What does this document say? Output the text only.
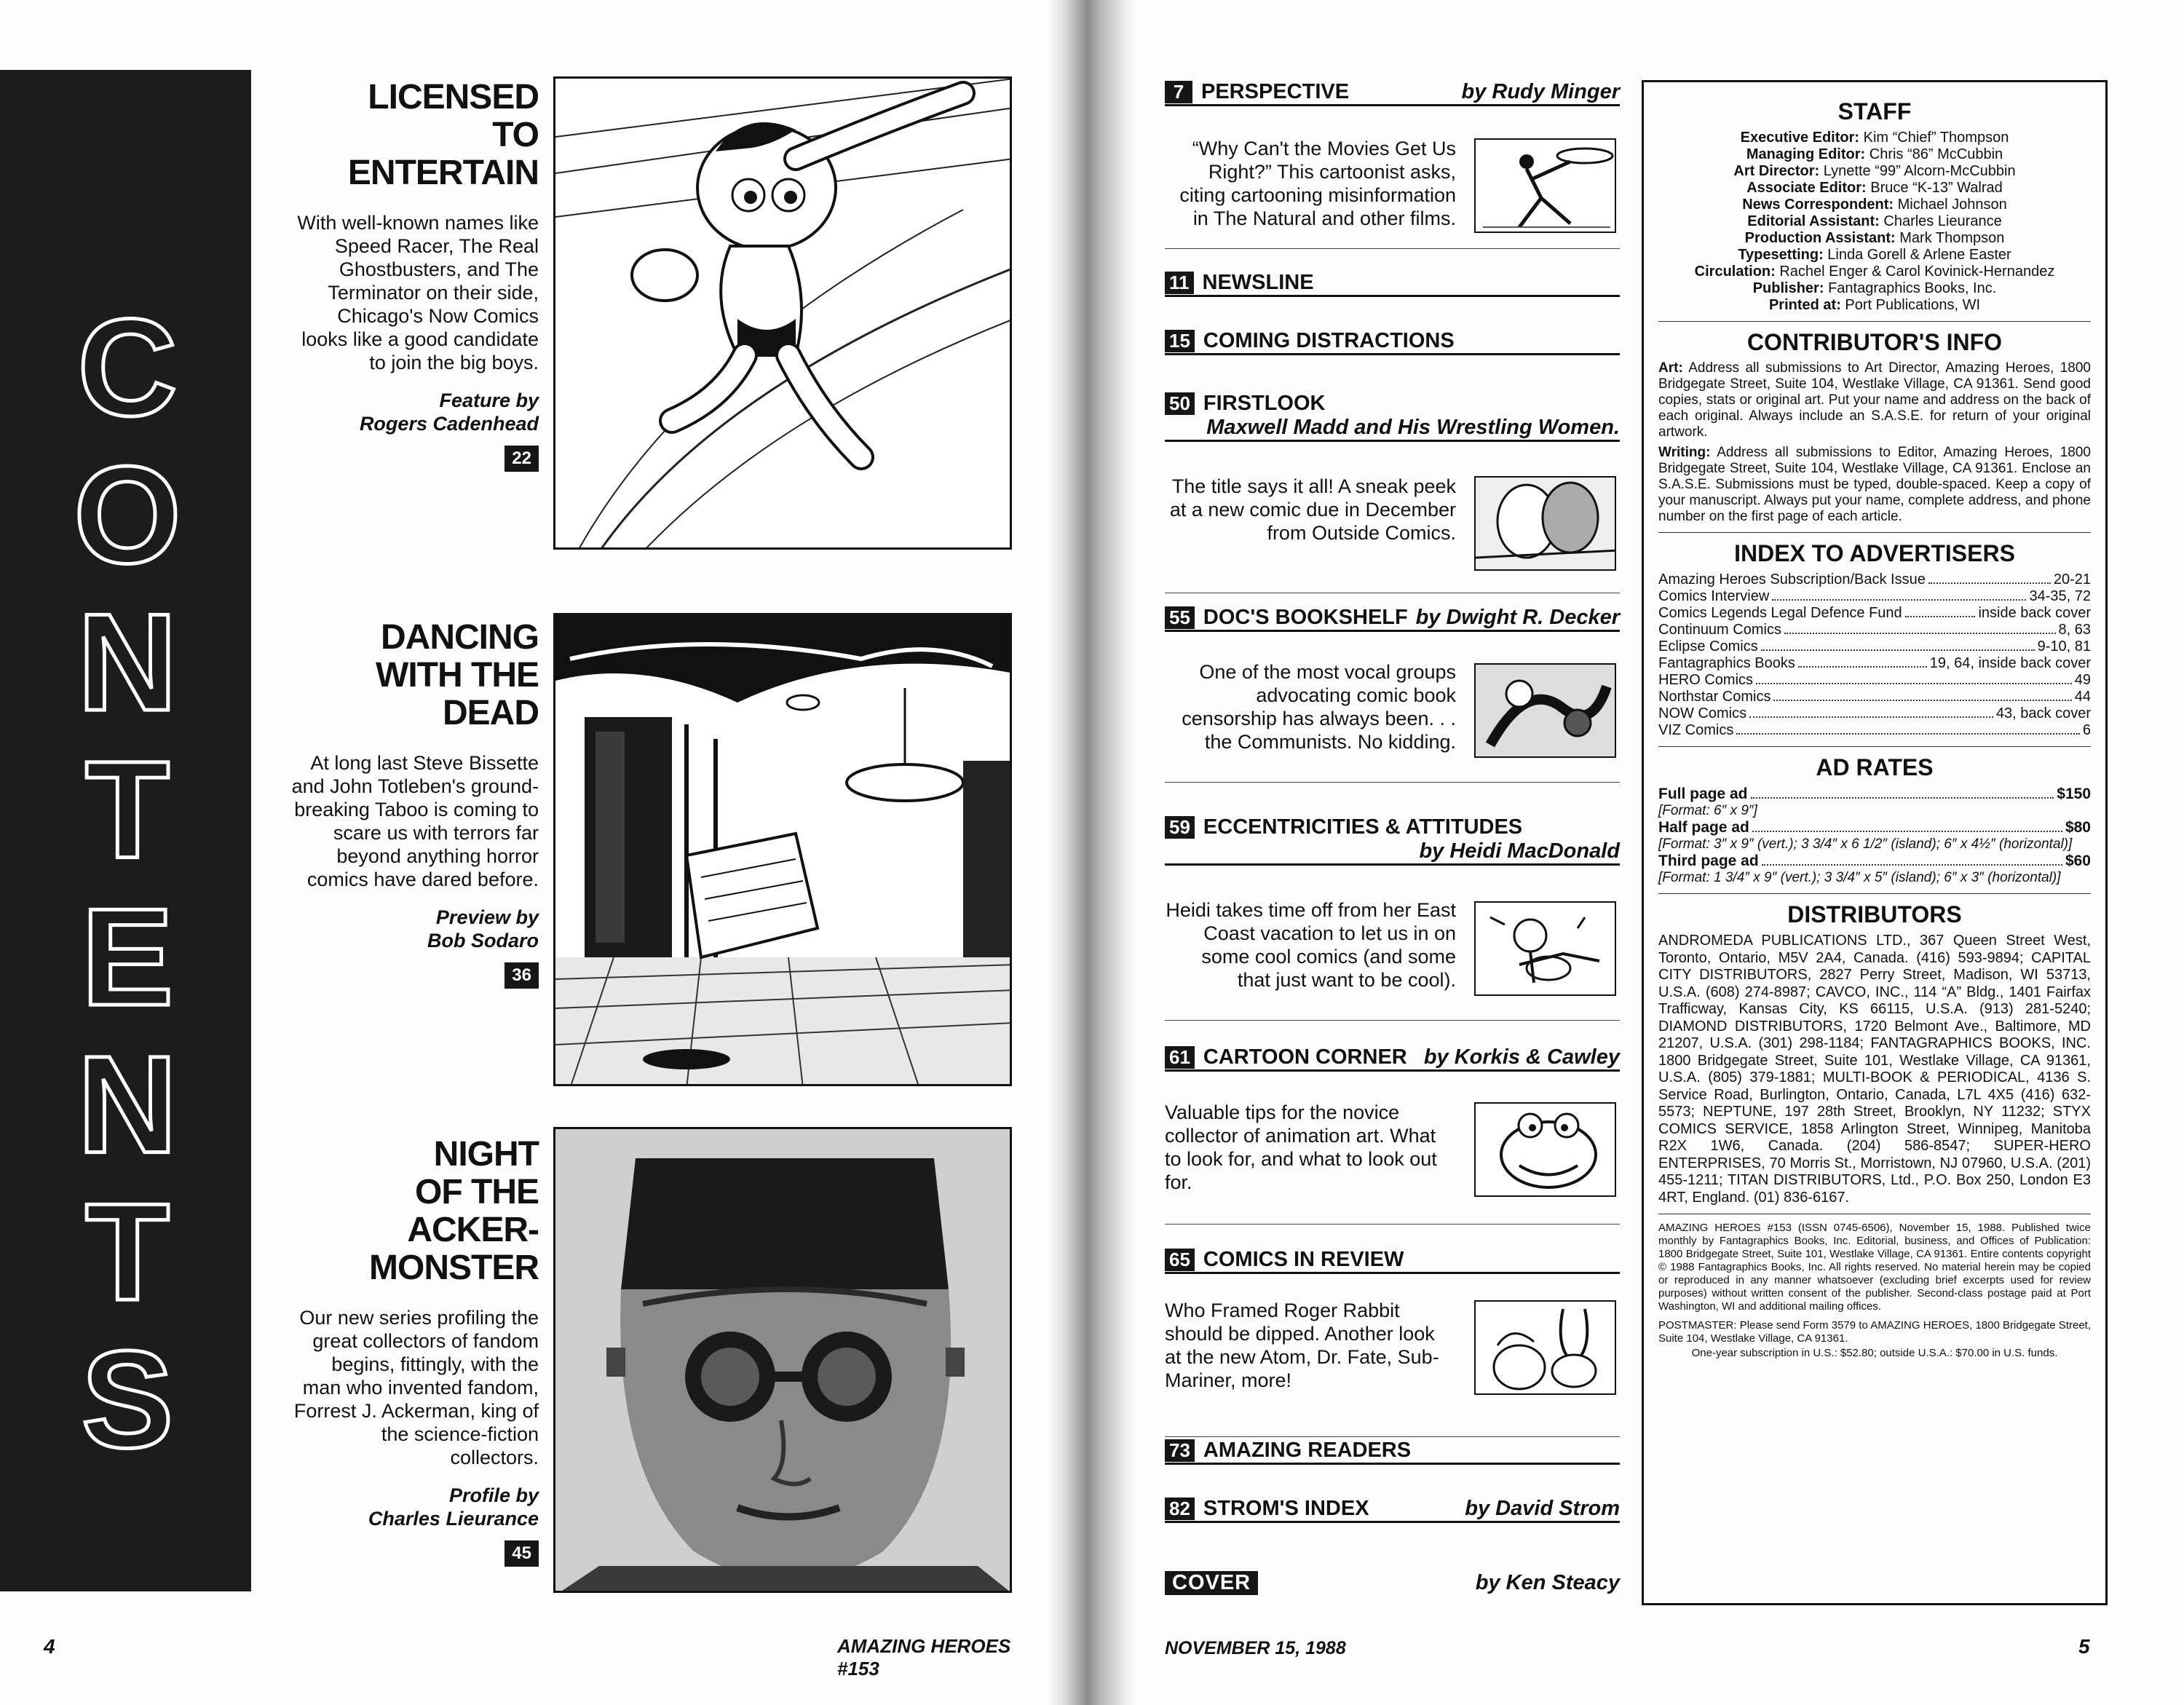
C
O
N
T
E
N
T
S
LICENSED
TO
ENTERTAIN
With well-known names like Speed Racer, The Real Ghostbusters, and The Terminator on their side, Chicago's Now Comics looks like a good candidate to join the big boys.
Feature by
Rogers Cadenhead
22
DANCING
WITH THE
DEAD
At long last Steve Bissette and John Totleben's ground-breaking Taboo is coming to scare us with terrors far beyond anything horror comics have dared before.
Preview by
Bob Sodaro
36
NIGHT
OF THE
ACKER-
MONSTER
Our new series profiling the great collectors of fandom begins, fittingly, with the man who invented fandom, Forrest J. Ackerman, king of the science-fiction collectors.
Profile by
Charles Lieurance
45
4	AMAZING HEROES #153
7 PERSPECTIVE	by Rudy Minger
“Why Can't the Movies Get Us Right?” This cartoonist asks, citing cartooning misinformation in The Natural and other films.
11 NEWSLINE
15 COMING DISTRACTIONS
50 FIRSTLOOK
Maxwell Madd and His Wrestling Women.
The title says it all! A sneak peek at a new comic due in December from Outside Comics.
55 DOC'S BOOKSHELF by Dwight R. Decker
One of the most vocal groups advocating comic book censorship has always been. . . the Communists. No kidding.
59 ECCENTRICITIES & ATTITUDES
by Heidi MacDonald
Heidi takes time off from her East Coast vacation to let us in on some cool comics (and some that just want to be cool).
61 CARTOON CORNER by Korkis & Cawley
Valuable tips for the novice collector of animation art. What to look for, and what to look out for.
65 COMICS IN REVIEW
Who Framed Roger Rabbit should be dipped. Another look at the new Atom, Dr. Fate, Sub-Mariner, more!
73 AMAZING READERS
82 STROM'S INDEX	by David Strom
COVER	by Ken Steacy
STAFF
Executive Editor: Kim “Chief” Thompson
Managing Editor: Chris “86” McCubbin
Art Director: Lynette “99” Alcorn-McCubbin
Associate Editor: Bruce “K-13” Walrad
News Correspondent: Michael Johnson
Editorial Assistant: Charles Lieurance
Production Assistant: Mark Thompson
Typesetting: Linda Gorell & Arlene Easter
Circulation: Rachel Enger & Carol Kovinick-Hernandez
Publisher: Fantagraphics Books, Inc.
Printed at: Port Publications, WI
CONTRIBUTOR'S INFO
Art: Address all submissions to Art Director, Amazing Heroes, 1800 Bridgegate Street, Suite 104, Westlake Village, CA 91361. Send good copies, stats or original art. Put your name and address on the back of each original. Always include an S.A.S.E. for return of your original artwork.
Writing: Address all submissions to Editor, Amazing Heroes, 1800 Bridgegate Street, Suite 104, Westlake Village, CA 91361. Enclose an S.A.S.E. Submissions must be typed, double-spaced. Keep a copy of your manuscript. Always put your name, complete address, and phone number on the first page of each article.
INDEX TO ADVERTISERS
Amazing Heroes Subscription/Back Issue	20-21
Comics Interview	34-35, 72
Comics Legends Legal Defence Fund	inside back cover
Continuum Comics	8, 63
Eclipse Comics	9-10, 81
Fantagraphics Books	19, 64, inside back cover
HERO Comics	49
Northstar Comics	44
NOW Comics	43, back cover
VIZ Comics	6
AD RATES
Full page ad	$150
[Format: 6″ x 9″]
Half page ad	$80
[Format: 3″ x 9″ (vert.); 3 3/4″ x 6 1/2″ (island); 6″ x 4½″ (horizontal)]
Third page ad	$60
[Format: 1 3/4″ x 9″ (vert.); 3 3/4″ x 5″ (island); 6″ x 3″ (horizontal)]
DISTRIBUTORS
ANDROMEDA PUBLICATIONS LTD., 367 Queen Street West, Toronto, Ontario, M5V 2A4, Canada. (416) 593-9894; CAPITAL CITY DISTRIBUTORS, 2827 Perry Street, Madison, WI 53713, U.S.A. (608) 274-8987; CAVCO, INC., 114 “A” Bldg., 1401 Fairfax Trafficway, Kansas City, KS 66115, U.S.A. (913) 281-5240; DIAMOND DISTRIBUTORS, 1720 Belmont Ave., Baltimore, MD 21207, U.S.A. (301) 298-1184; FANTAGRAPHICS BOOKS, INC. 1800 Bridgegate Street, Suite 101, Westlake Village, CA 91361, U.S.A. (805) 379-1881; MULTI-BOOK & PERIODICAL, 4136 S. Service Road, Burlington, Ontario, Canada, L7L 4X5 (416) 632-5573; NEPTUNE, 197 28th Street, Brooklyn, NY 11232; STYX COMICS SERVICE, 1858 Arlington Street, Winnipeg, Manitoba R2X 1W6, Canada. (204) 586-8547; SUPER-HERO ENTERPRISES, 70 Morris St., Morristown, NJ 07960, U.S.A. (201) 455-1211; TITAN DISTRIBUTORS, Ltd., P.O. Box 250, London E3 4RT, England. (01) 836-6167.
AMAZING HEROES #153 (ISSN 0745-6506), November 15, 1988. Published twice monthly by Fantagraphics Books, Inc. Editorial, business, and Offices of Publication: 1800 Bridgegate Street, Suite 101, Westlake Village, CA 91361. Entire contents copyright © 1988 Fantagraphics Books, Inc. All rights reserved. No material herein may be copied or reproduced in any manner whatsoever (excluding brief excerpts used for review purposes) without written consent of the publisher. Second-class postage paid at Port Washington, WI and additional mailing offices.
POSTMASTER: Please send Form 3579 to AMAZING HEROES, 1800 Bridgegate Street, Suite 104, Westlake Village, CA 91361.
One-year subscription in U.S.: $52.80; outside U.S.A.: $70.00 in U.S. funds.
NOVEMBER 15, 1988	5
